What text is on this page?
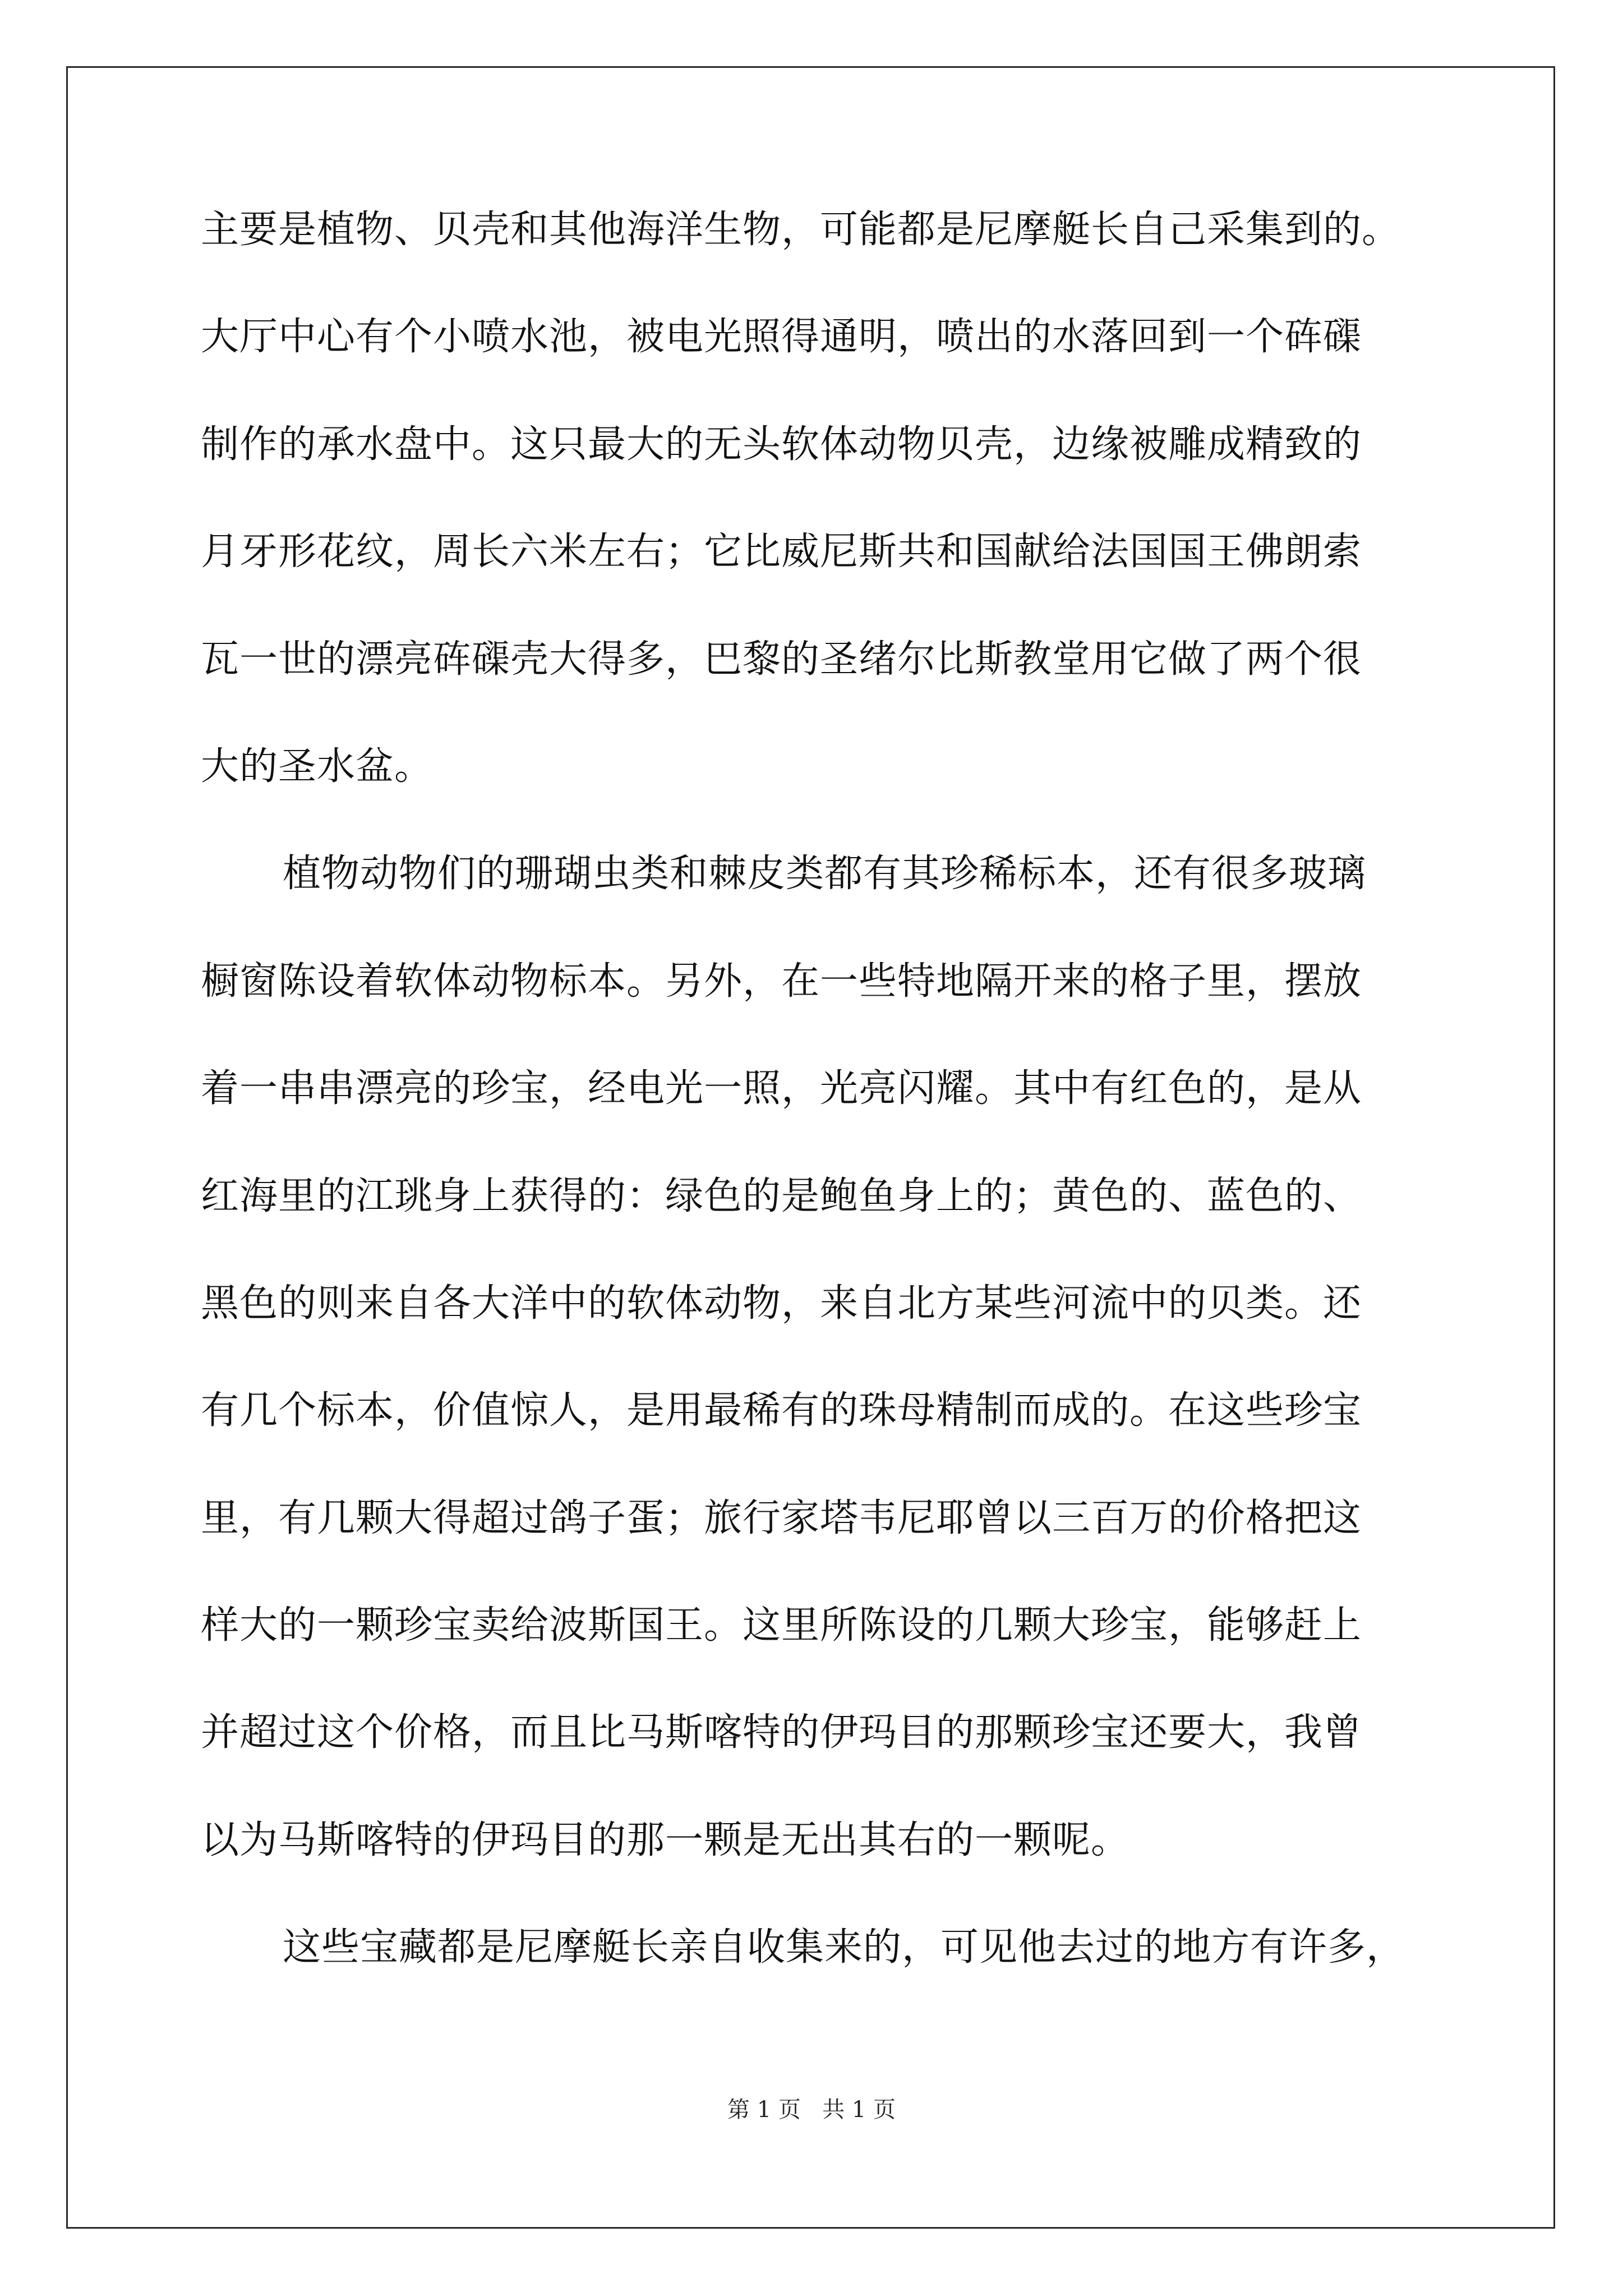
主要是植物、贝壳和其他海洋生物，可能都是尼摩艇长自己采集到的。
大厅中心有个小喷水池，被电光照得通明，喷出的水落回到一个砗磲
制作的承水盘中。这只最大的无头软体动物贝壳，边缘被雕成精致的
月牙形花纹，周长六米左右；它比威尼斯共和国献给法国国王佛朗索
瓦一世的漂亮砗磲壳大得多，巴黎的圣绪尔比斯教堂用它做了两个很
大的圣水盆。
植物动物们的珊瑚虫类和棘皮类都有其珍稀标本，还有很多玻璃
橱窗陈设着软体动物标本。另外，在一些特地隔开来的格子里，摆放
着一串串漂亮的珍宝，经电光一照，光亮闪耀。其中有红色的，是从
红海里的江珧身上获得的：绿色的是鲍鱼身上的；黄色的、蓝色的、
黑色的则来自各大洋中的软体动物，来自北方某些河流中的贝类。还
有几个标本，价值惊人，是用最稀有的珠母精制而成的。在这些珍宝
里，有几颗大得超过鸽子蛋；旅行家塔韦尼耶曾以三百万的价格把这
样大的一颗珍宝卖给波斯国王。这里所陈设的几颗大珍宝，能够赶上
并超过这个价格，而且比马斯喀特的伊玛目的那颗珍宝还要大，我曾
以为马斯喀特的伊玛目的那一颗是无出其右的一颗呢。
这些宝藏都是尼摩艇长亲自收集来的，可见他去过的地方有许多，
第 1 页   共 1 页
